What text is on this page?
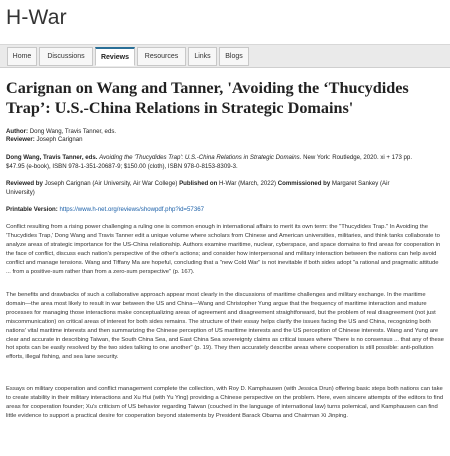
H-War
Home	Discussions	Reviews	Resources	Links	Blogs
Carignan on Wang and Tanner, 'Avoiding the ‘Thucydides Trap’: U.S.-China Relations in Strategic Domains'
Author: Dong Wang, Travis Tanner, eds.
Reviewer: Joseph Carignan
Dong Wang, Travis Tanner, eds. Avoiding the 'Thucydides Trap': U.S.-China Relations in Strategic Domains. New York: Routledge, 2020. xi + 173 pp.
$47.95 (e-book), ISBN 978-1-351-20687-9; $150.00 (cloth), ISBN 978-0-8153-8309-3.
Reviewed by Joseph Carignan (Air University, Air War College) Published on H-War (March, 2022) Commissioned by Margaret Sankey (Air
University)
Printable Version: https://www.h-net.org/reviews/showpdf.php?id=57367

Conflict resulting from a rising power challenging a ruling one is common enough in international affairs to merit its own term: the "Thucydides Trap." In Avoiding the 'Thucydides Trap,' Dong Wang and Travis Tanner edit a unique volume where scholars from Chinese and American universities, militaries, and think tanks collaborate to analyze areas of strategic importance for the US-China relationship. Authors examine maritime, nuclear, cyberspace, and space domains to find areas for cooperation in the face of conflict, discuss each nation's perspective of the other's actions; and consider how interpersonal and military interaction between the nations can help avoid conflict and manage tensions. Wang and Tiffany Ma are hopeful, concluding that a "new Cold War" is not inevitable if both sides adopt "a rational and pragmatic attitude ... from a positive-sum rather than from a zero-sum perspective" (p. 167).

The benefits and drawbacks of such a collaborative approach appear most clearly in the discussions of maritime challenges and military exchange. In the maritime domain—the area most likely to result in war between the US and China—Wang and Christopher Yung argue that the frequency of maritime interaction and mature processes for managing those interactions make conceptualizing areas of agreement and disagreement straightforward, but the problem of real disagreement (not just miscommunication) on critical areas of interest for both sides remains. The structure of their essay helps clarify the issues facing the US and China, recognizing both nations' vital maritime interests and then summarizing the Chinese perception of US maritime interests and the US perception of Chinese interests. Wang and Yung are clear and accurate in describing Taiwan, the South China Sea, and East China Sea sovereignty claims as critical issues where "there is no consensus ... that any of these hot spots can be easily resolved by the two sides talking to one another" (p. 19). They then accurately describe areas where cooperation is still possible: anti-pollution efforts, illegal fishing, and sea lane security.

Essays on military cooperation and conflict management complete the collection, with Roy D. Kamphausen (with Jessica Drun) offering basic steps both nations can take to create stability in their military interactions and Xu Hui (with Yu Ying) providing a Chinese perspective on the problem. Here, even sincere attempts of the editors to find areas for cooperation founder; Xu's criticism of US behavior regarding Taiwan (couched in the language of international law) turns polemical, and Kamphausen can find little evidence to support a practical desire for cooperation beyond statements by President Barack Obama and Chairman Xi Jinping.
